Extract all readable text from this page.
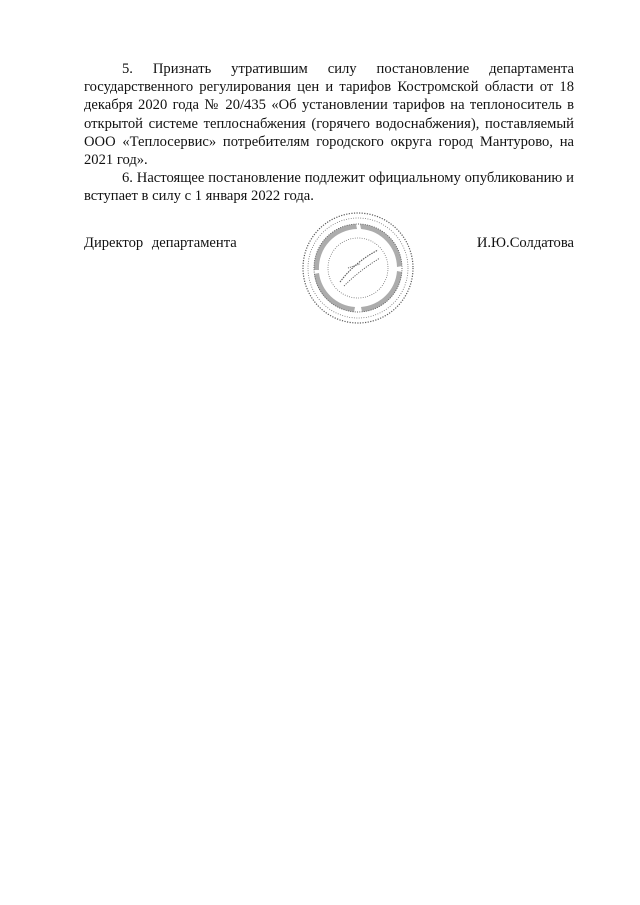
5. Признать утратившим силу постановление департамента государственного регулирования цен и тарифов Костромской области от 18 декабря 2020 года № 20/435 «Об установлении тарифов на теплоноситель в открытой системе теплоснабжения (горячего водоснабжения), поставляемый ООО «Теплосервис» потребителям городского округа город Мантурово, на 2021 год».

6. Настоящее постановление подлежит официальному опубликованию и вступает в силу с 1 января 2022 года.

Директор департамента	И.Ю.Солдатова
